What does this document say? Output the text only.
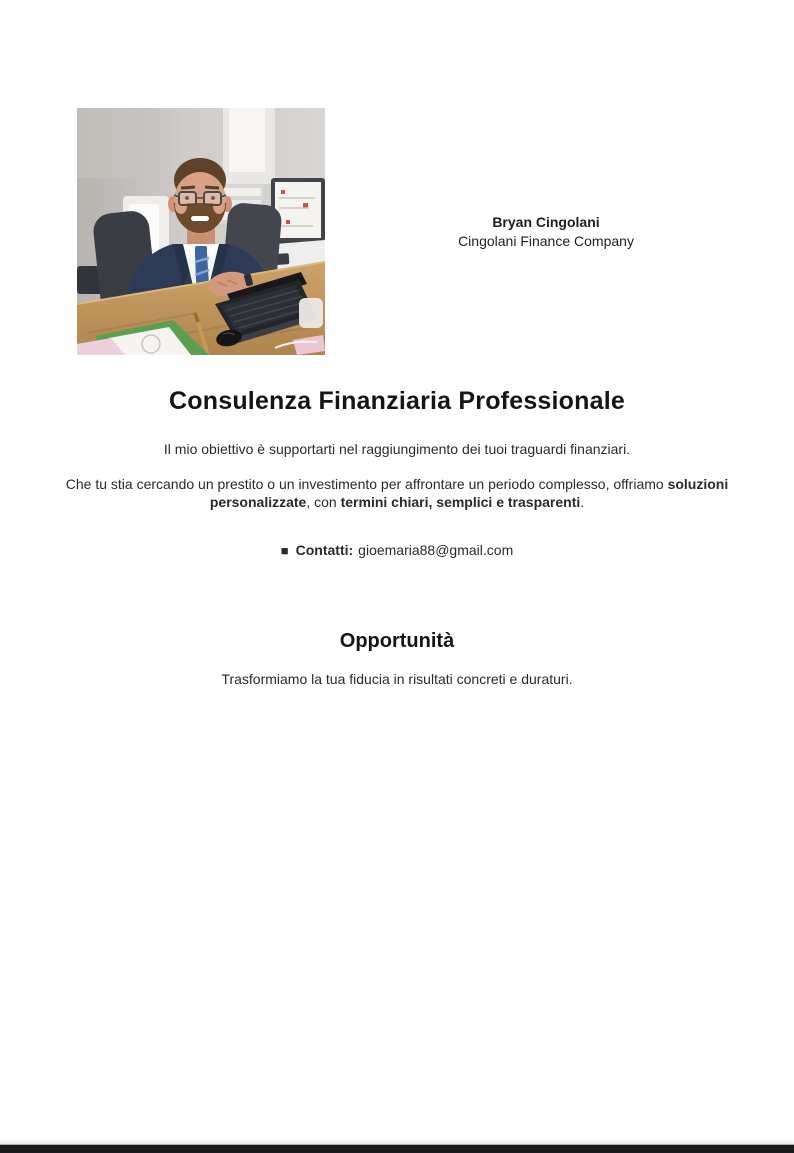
Bryan Cingolani
Cingolani Finance Company
Consulenza Finanziaria Professionale

Il mio obiettivo è supportarti nel raggiungimento dei tuoi traguardi finanziari.

Che tu stia cercando un prestito o un investimento per affrontare un periodo complesso, offriamo soluzioni personalizzate, con termini chiari, semplici e trasparenti.

■ Contatti: gioemaria88@gmail.com

Opportunità

Trasformiamo la tua fiducia in risultati concreti e duraturi.
